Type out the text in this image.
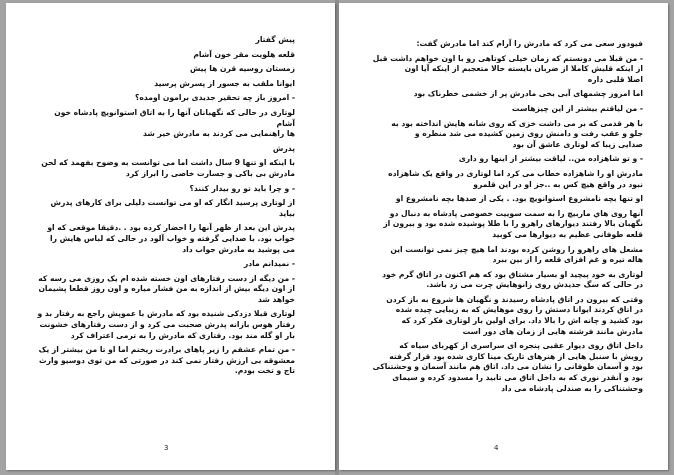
پیش گفتار

قلعه هلویت مقر خون آشام

زمستان روسیه قرن ها پیش

ایوانا ملقب به جسور از پسرش پرسید

- امروز باز چه تحقیر جدیدی برامون اومده؟

لوتاری در حالی که نگهبانان آنها را به اتاق استوانویچ پادشاه خون آشام
ها راهنمایی می کردند به مادرش خیر شد

پدرش

با اینکه او تنها 9 سال داشت اما می توانست به وضوح بفهمد که لحن
مادرش بی باکی و جسارت خاصی را ابراز کرد

- و چرا باید تو رو بیدار کنند؟

از لوتاری پرسید انگار که او می توانست دلیلی برای کارهای پدرش
بیاید

پدرش این بعد از ظهر آنها را احضار کرده بود . .دقیقا موقعی که او
خواب بود. با صدایی گرفته و خواب آلود در حالی که لباس هایش را
می پوشید به مادرش جواب داد

- نمیدانم مادر

- من دیگه از دست رفتارهای اون خسته شده ام یک روزی می رسه که
از اون دیگه بیش از اندازه به من فشار میاره و اون روز قطعا پشیمان
خواهد شد

لوتاری قبلا دزدکی شنیده بود که مادرش با عموپش راجع به رفتار بد و
رفتار هوس بازانه پدرش صحبت می کرد و از دست رفتارهای خشونت
بار او گله مند بود. رفتاری که مادرش را به ترمی اعتراف کرد

- من تمام عشقم را زیر پاهای برادرت ریختم اما او تا من بیشتر از یک
معشوقه بی ارزش رفتار نمی کند در صورتی که من توی دوسیو وارث
تاج و تخت بودم.

3

فیودور سعی می کرد که مادرش را آرام کند اما مادرش گفت:

- من قبلا می دونستم که زمان خیلی کوتاهی رو با اون خواهم داشت قبل
از اینکه قلبش کاملا از ضربان بایسته حالا متعجبم از اینکه آیا اون
اصلا قلبی داره

اما امروز چشمهای آبی بخی مادرش پر از خشمی خطرناک بود

- من لیاقتم بیشتر از این چیزهاست

با هر قدمی که بر می داشت خزی که روی شانه هایش انداخته بود به
جلو و عقب رفت و دامنش روی زمین کشیده می شد منظره و
صدایی زیبا که لوتاری عاشق آن بود

- و تو شاهزاده من.. لیاقت بیشتر از اینها رو داری

مادرش او را شاهزاده خطاب می کرد اما لوتاری در واقع یک شاهزاده
نبود در واقع هیچ کس به ..جز او در این قلمرو

او تنها بچه نامشروع استوانویچ بود. . یکی از صدها بچه نامشروع او

آنها روی هاي ماربیچ را به سمت سوییت خصوصی پادشاه به دنبال دو
نگهبان بالا رفتند دیوارهای راهرو را با طلا پوشیده شده بود و بیرون از
قلعه طوفانی عظیم به دیوارها می کوبید

مشعل های راهرو را روشن کرده بودند اما هیچ چیز نمی توانست این
هاله تیره و غم افزای قلعه را از بین ببرد

لوتاری به خود پیچید او بسیار مشتاق بود که هم اکنون در اتاق گرم خود
در حالی که سگ جدیدش روی زانوهایش چرت می زد باشد.

وقتی که بیرون در اتاق پادشاه رسیدند و نگهبان ها شروع به باز کردن
در اتاق کردند ایوانا دستش را روی موهایش که به زیبایی چیده شده
بود کشید و چانه اش را بالا داد. برای اولین بار لوتاری فکر کرد که
مادرش مانند فرشته هایی از زمان های دور است

داخل اتاق روی دیوار عقبی پنجره ای سراسری از کهربای سیاه که
رویش با سنبل هایی از هنرهای تاریک مینا کاری شده بود قرار گرفته
بود و آسمان طوفانی را نشان می داد. اتاق هم مانند آسمان و وحشتناکی
بود و آنقدر نوری که به داخل اتاق می تابید را مسدود کرده و سیمای
وحشتناکی را به صندلی پادشاه می داد

4
